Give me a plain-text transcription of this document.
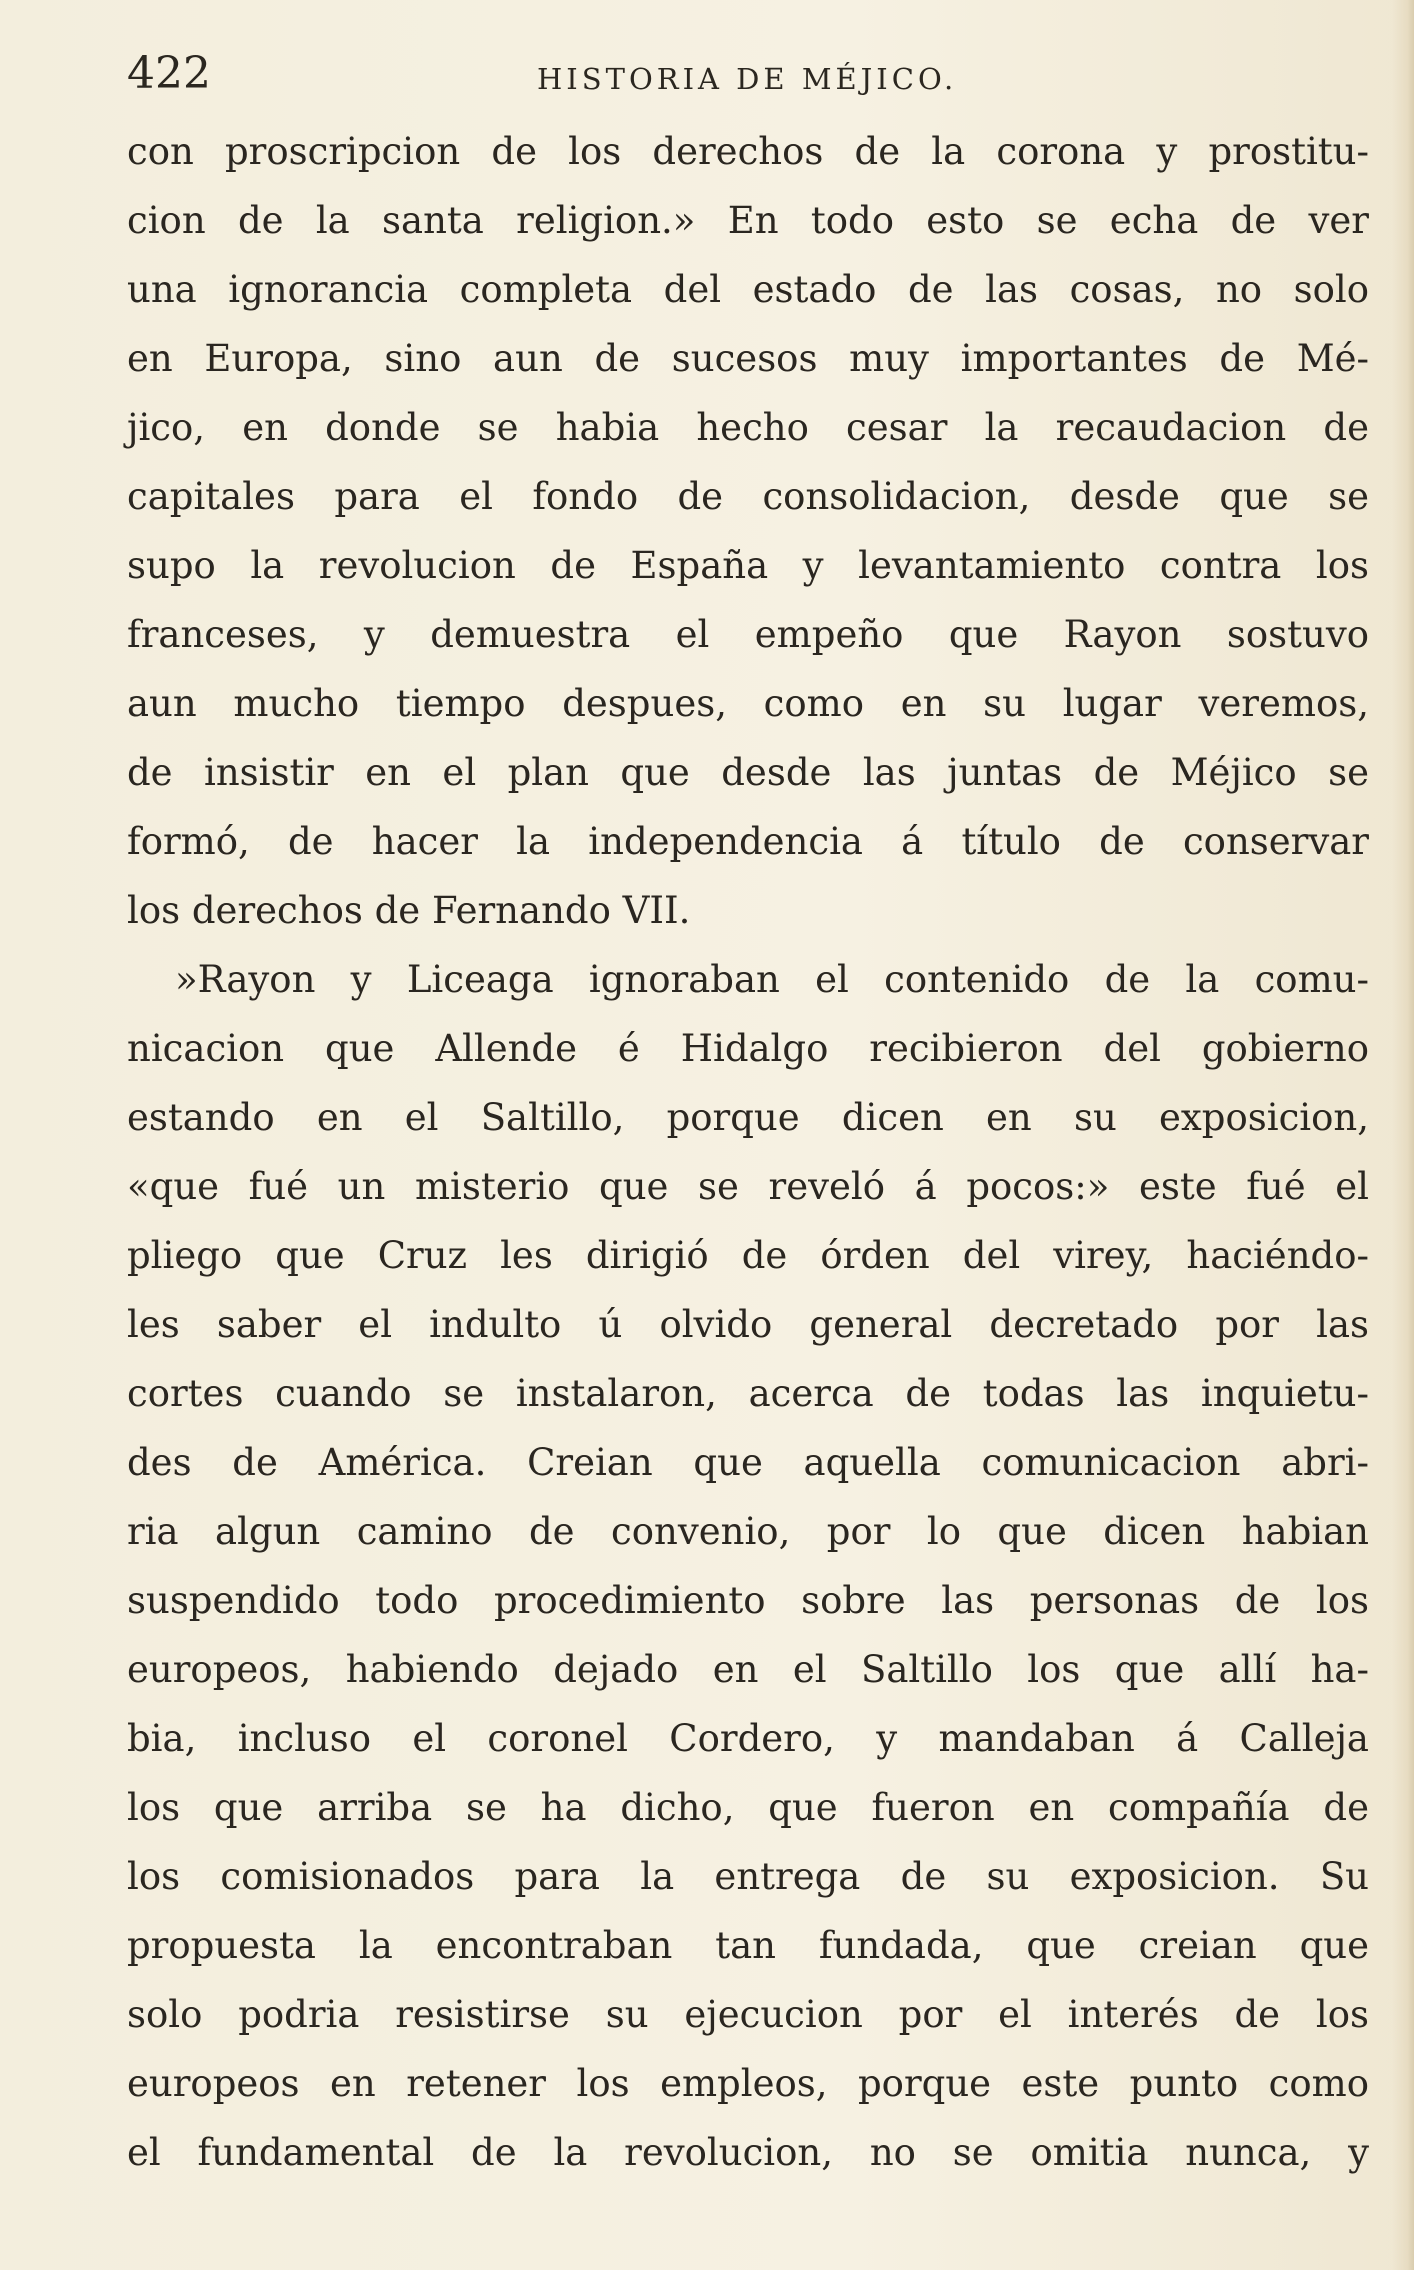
422	HISTORIA DE MÉJICO.
con proscripcion de los derechos de la corona y prostitu-
cion de la santa religion.» En todo esto se echa de ver
una ignorancia completa del estado de las cosas, no solo
en Europa, sino aun de sucesos muy importantes de Mé-
jico, en donde se habia hecho cesar la recaudacion de
capitales para el fondo de consolidacion, desde que se
supo la revolucion de España y levantamiento contra los
franceses, y demuestra el empeño que Rayon sostuvo
aun mucho tiempo despues, como en su lugar veremos,
de insistir en el plan que desde las juntas de Méjico se
formó, de hacer la independencia á título de conservar
los derechos de Fernando VII.
»Rayon y Liceaga ignoraban el contenido de la comu-
nicacion que Allende é Hidalgo recibieron del gobierno
estando en el Saltillo, porque dicen en su exposicion,
«que fué un misterio que se reveló á pocos:» este fué el
pliego que Cruz les dirigió de órden del virey, haciéndo-
les saber el indulto ú olvido general decretado por las
cortes cuando se instalaron, acerca de todas las inquietu-
des de América. Creian que aquella comunicacion abri-
ria algun camino de convenio, por lo que dicen habian
suspendido todo procedimiento sobre las personas de los
europeos, habiendo dejado en el Saltillo los que allí ha-
bia, incluso el coronel Cordero, y mandaban á Calleja
los que arriba se ha dicho, que fueron en compañía de
los comisionados para la entrega de su exposicion. Su
propuesta la encontraban tan fundada, que creian que
solo podria resistirse su ejecucion por el interés de los
europeos en retener los empleos, porque este punto como
el fundamental de la revolucion, no se omitia nunca, y
